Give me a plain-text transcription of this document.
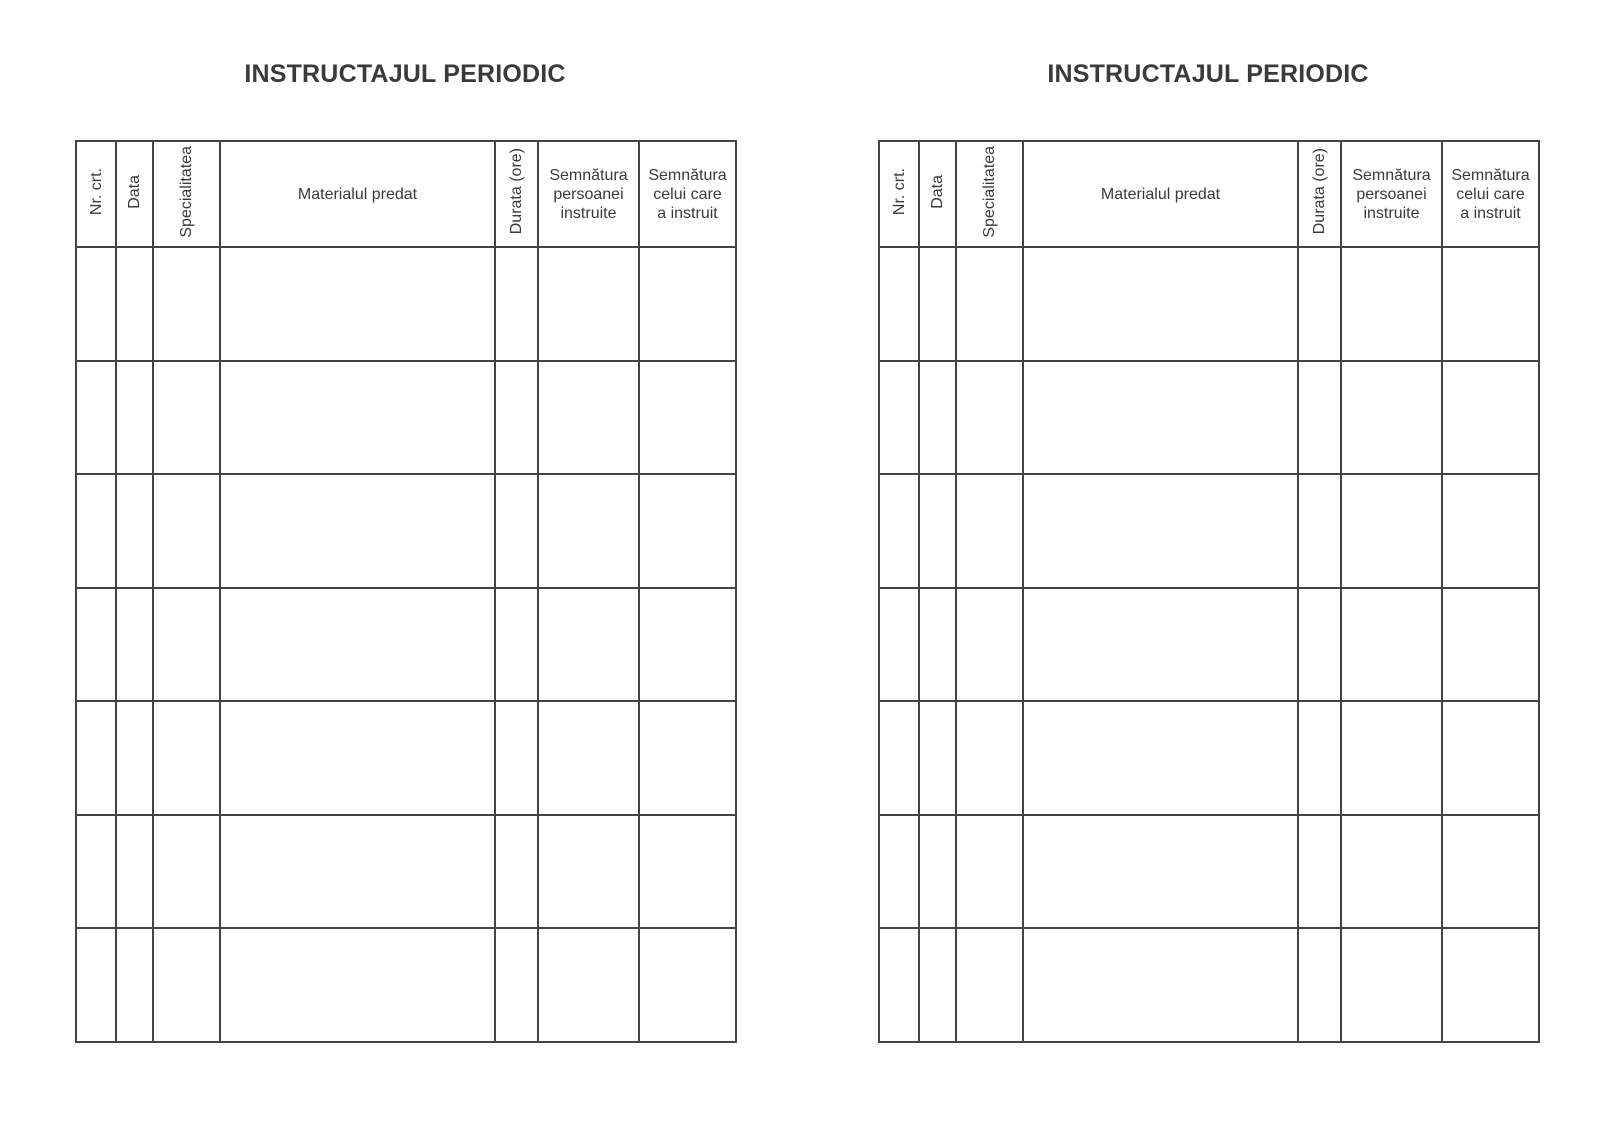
INSTRUCTAJUL PERIODIC
Nr. crt.	Data	Specialitatea	Materialul predat	Durata (ore)	Semnătura
persoanei
instruite	Semnătura
celui care
a instruit

INSTRUCTAJUL PERIODIC
Nr. crt.	Data	Specialitatea	Materialul predat	Durata (ore)	Semnătura
persoanei
instruite	Semnătura
celui care
a instruit
